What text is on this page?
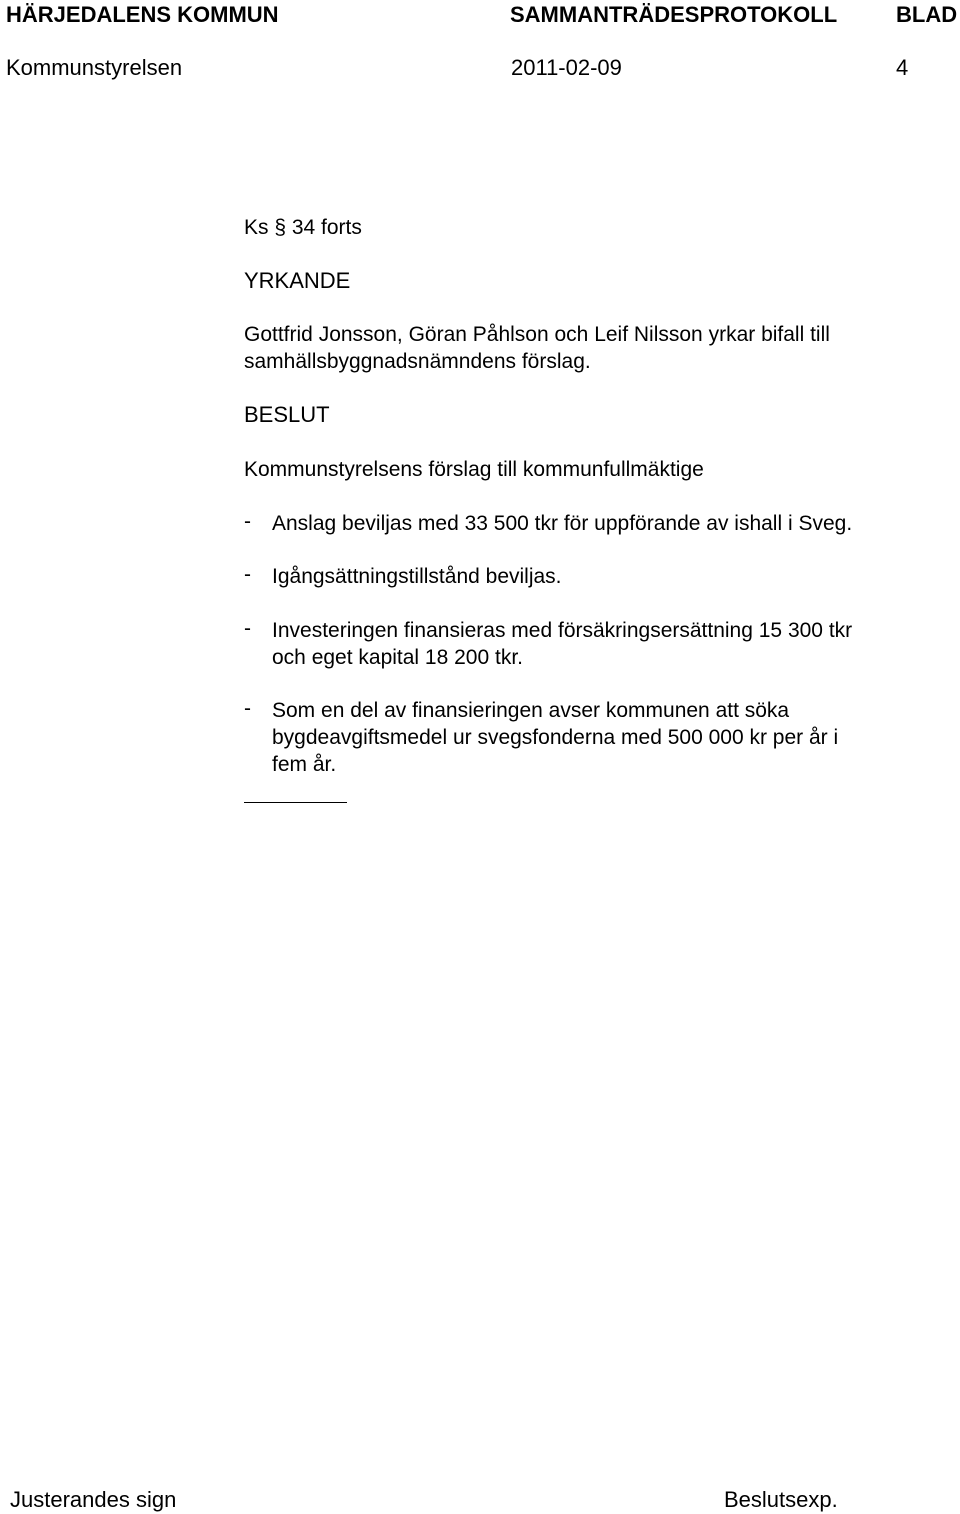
HÄRJEDALENS KOMMUN	SAMMANTRÄDESPROTOKOLL	BLAD
Kommunstyrelsen	2011-02-09	4
Ks § 34 forts
YRKANDE
Gottfrid Jonsson, Göran Påhlson och Leif Nilsson yrkar bifall till
samhällsbyggnadsnämndens förslag.
BESLUT
Kommunstyrelsens förslag till kommunfullmäktige
- Anslag beviljas med 33 500 tkr för uppförande av ishall i Sveg.
- Igångsättningstillstånd beviljas.
- Investeringen finansieras med försäkringsersättning 15 300 tkr
och eget kapital 18 200 tkr.
- Som en del av finansieringen avser kommunen att söka
bygdeavgiftsmedel ur svegsfonderna med 500 000 kr per år i
fem år.
Justerandes sign	Beslutsexp.
